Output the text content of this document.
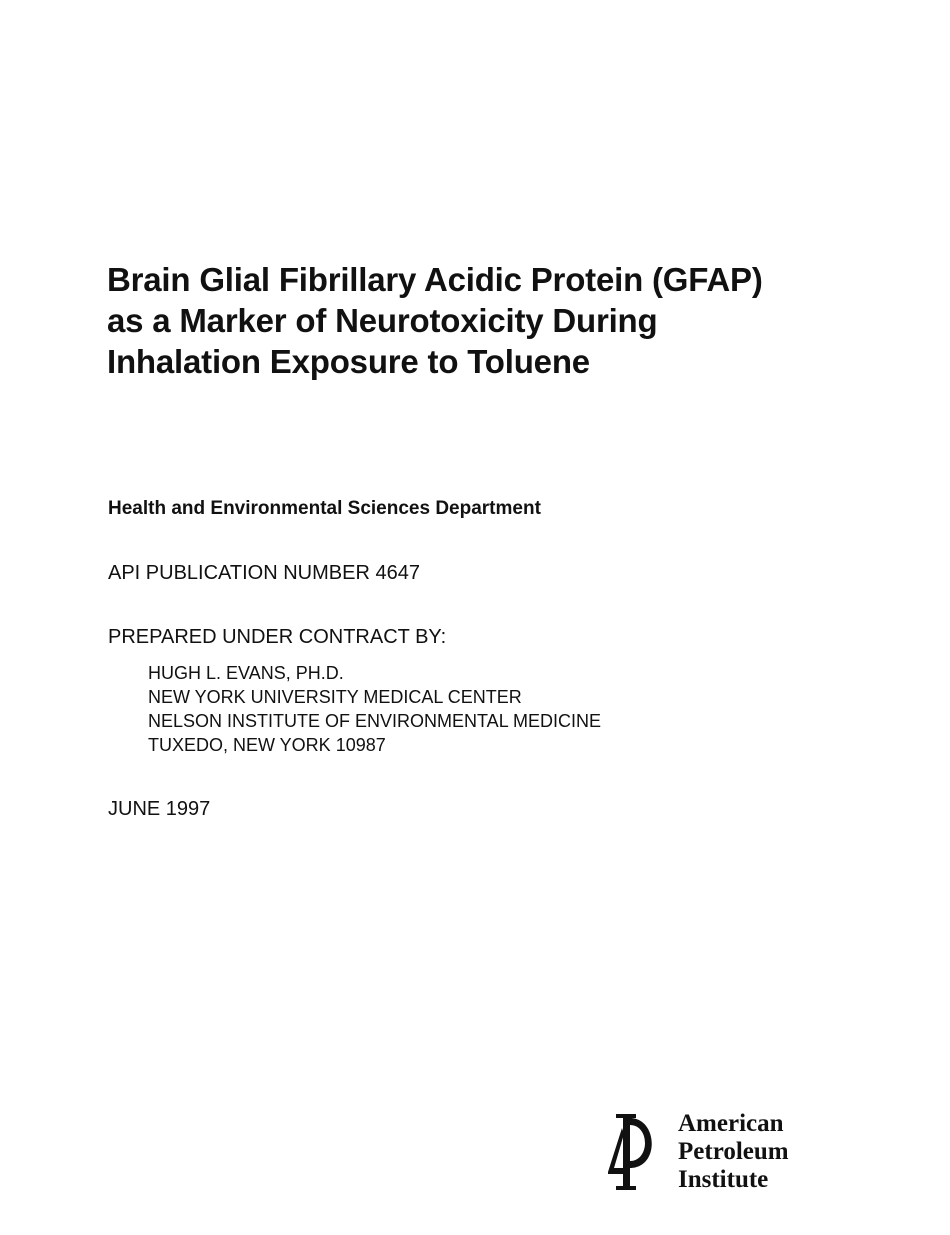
Brain Glial Fibrillary Acidic Protein (GFAP)
as a Marker of Neurotoxicity During
Inhalation Exposure to Toluene
Health and Environmental Sciences Department
API PUBLICATION NUMBER 4647
PREPARED UNDER CONTRACT BY:
HUGH L. EVANS, PH.D.
NEW YORK UNIVERSITY MEDICAL CENTER
NELSON INSTITUTE OF ENVIRONMENTAL MEDICINE
TUXEDO, NEW YORK 10987
JUNE 1997
American
Petroleum
Institute
